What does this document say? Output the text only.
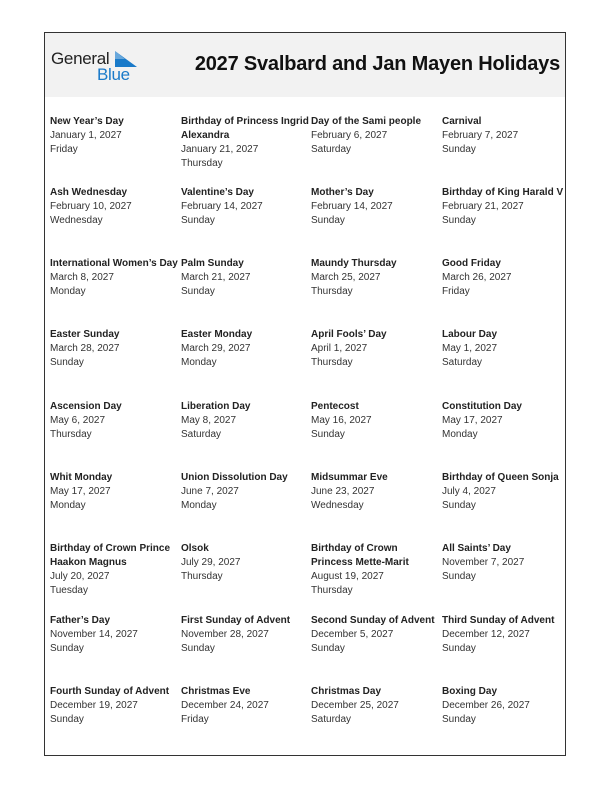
General
Blue	2027 Svalbard and Jan Mayen Holidays
New Year’s Day
January 1, 2027
Friday
Birthday of Princess Ingrid Alexandra
January 21, 2027
Thursday
Day of the Sami people
February 6, 2027
Saturday
Carnival
February 7, 2027
Sunday
Ash Wednesday
February 10, 2027
Wednesday
Valentine’s Day
February 14, 2027
Sunday
Mother’s Day
February 14, 2027
Sunday
Birthday of King Harald V
February 21, 2027
Sunday
International Women’s Day
March 8, 2027
Monday
Palm Sunday
March 21, 2027
Sunday
Maundy Thursday
March 25, 2027
Thursday
Good Friday
March 26, 2027
Friday
Easter Sunday
March 28, 2027
Sunday
Easter Monday
March 29, 2027
Monday
April Fools’ Day
April 1, 2027
Thursday
Labour Day
May 1, 2027
Saturday
Ascension Day
May 6, 2027
Thursday
Liberation Day
May 8, 2027
Saturday
Pentecost
May 16, 2027
Sunday
Constitution Day
May 17, 2027
Monday
Whit Monday
May 17, 2027
Monday
Union Dissolution Day
June 7, 2027
Monday
Midsummar Eve
June 23, 2027
Wednesday
Birthday of Queen Sonja
July 4, 2027
Sunday
Birthday of Crown Prince Haakon Magnus
July 20, 2027
Tuesday
Olsok
July 29, 2027
Thursday
Birthday of Crown Princess Mette-Marit
August 19, 2027
Thursday
All Saints’ Day
November 7, 2027
Sunday
Father’s Day
November 14, 2027
Sunday
First Sunday of Advent
November 28, 2027
Sunday
Second Sunday of Advent
December 5, 2027
Sunday
Third Sunday of Advent
December 12, 2027
Sunday
Fourth Sunday of Advent
December 19, 2027
Sunday
Christmas Eve
December 24, 2027
Friday
Christmas Day
December 25, 2027
Saturday
Boxing Day
December 26, 2027
Sunday
